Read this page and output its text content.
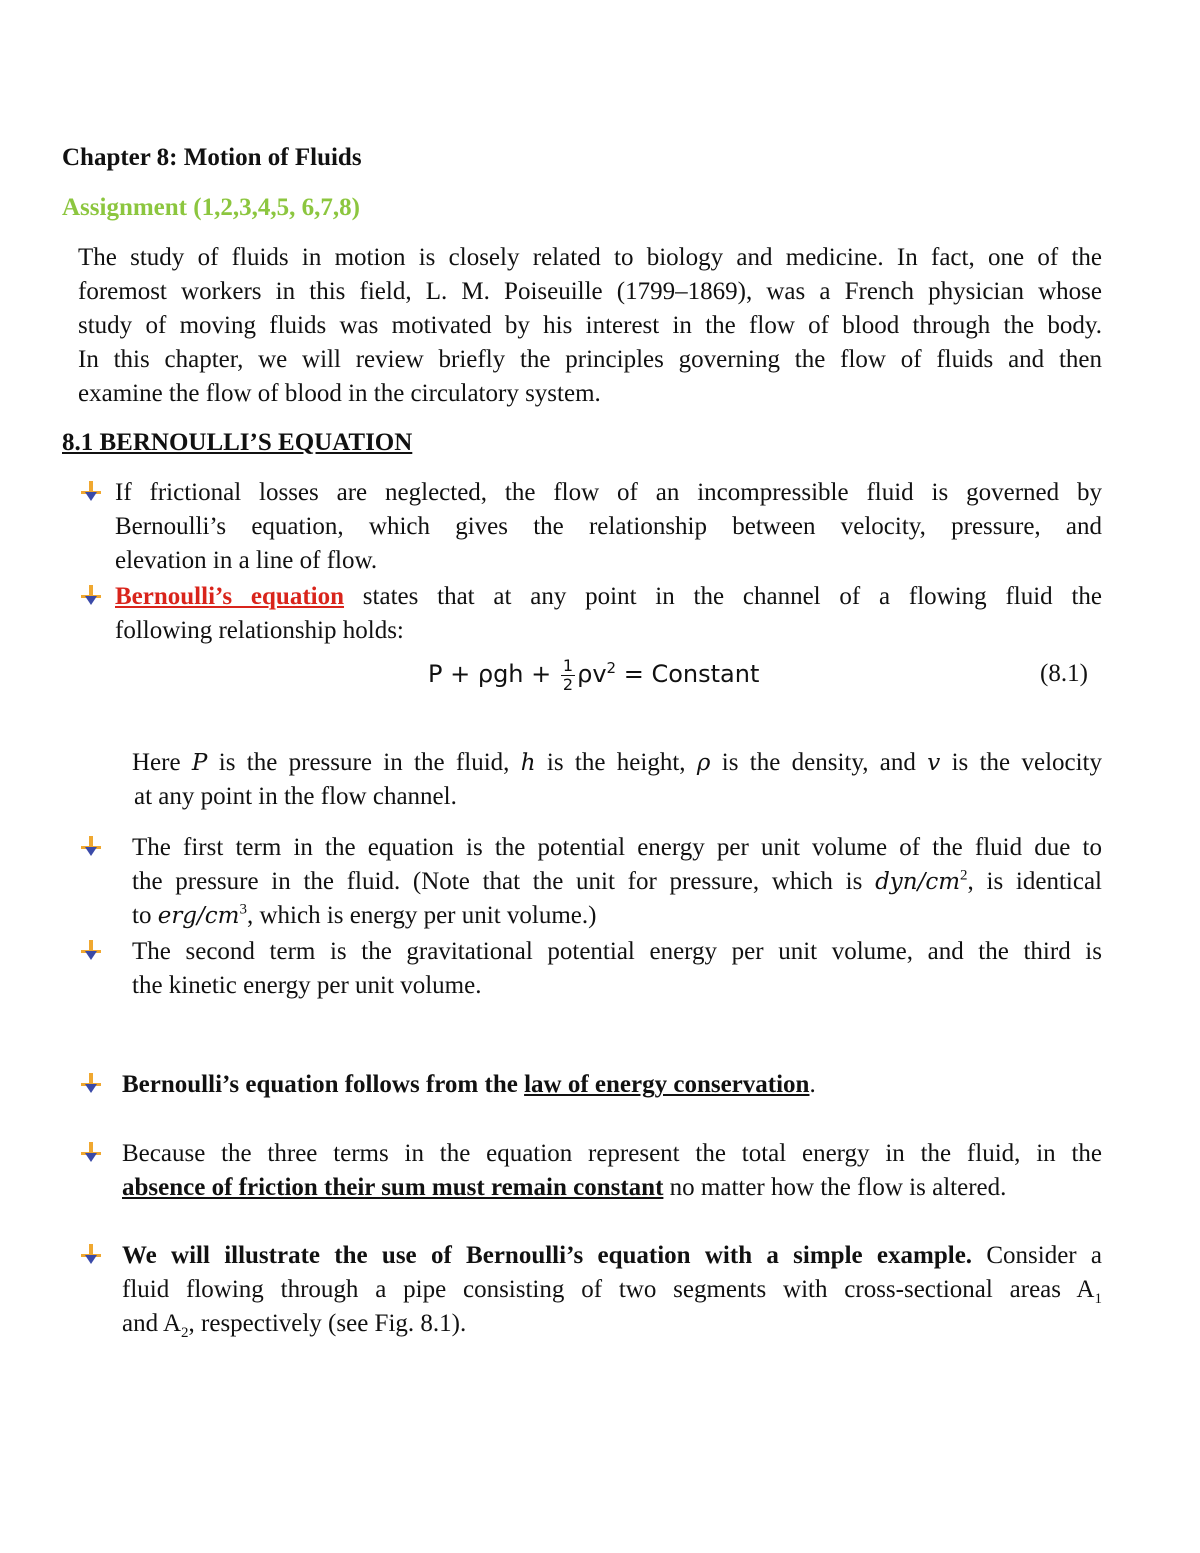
Chapter 8: Motion of Fluids
Assignment (1,2,3,4,5, 6,7,8)
The study of fluids in motion is closely related to biology and medicine. In fact, one of the
foremost workers in this field, L. M. Poiseuille (1799–1869), was a French physician whose
study of moving fluids was motivated by his interest in the flow of blood through the body.
In this chapter, we will review briefly the principles governing the flow of fluids and then
examine the flow of blood in the circulatory system.
8.1 BERNOULLI’S EQUATION
If frictional losses are neglected, the flow of an incompressible fluid is governed by
Bernoulli’s equation, which gives the relationship between velocity, pressure, and
elevation in a line of flow.
Bernoulli’s equation states that at any point in the channel of a flowing fluid the
following relationship holds:
$P + \rho gh + \frac{1}{2} \rho v^2$ = Constant	(8.1)
Here P is the pressure in the fluid, h is the height, ρ is the density, and v is the velocity
at any point in the flow channel.
The first term in the equation is the potential energy per unit volume of the fluid due to
the pressure in the fluid. (Note that the unit for pressure, which is dyn/$cm^2$, is identical
to erg/$cm^3$, which is energy per unit volume.)
The second term is the gravitational potential energy per unit volume, and the third is
the kinetic energy per unit volume.
Bernoulli’s equation follows from the law of energy conservation.
Because the three terms in the equation represent the total energy in the fluid, in the
absence of friction their sum must remain constant no matter how the flow is altered.
We will illustrate the use of Bernoulli’s equation with a simple example. Consider a
fluid flowing through a pipe consisting of two segments with cross-sectional areas $A_1$
and $A_2$, respectively (see Fig. 8.1).
